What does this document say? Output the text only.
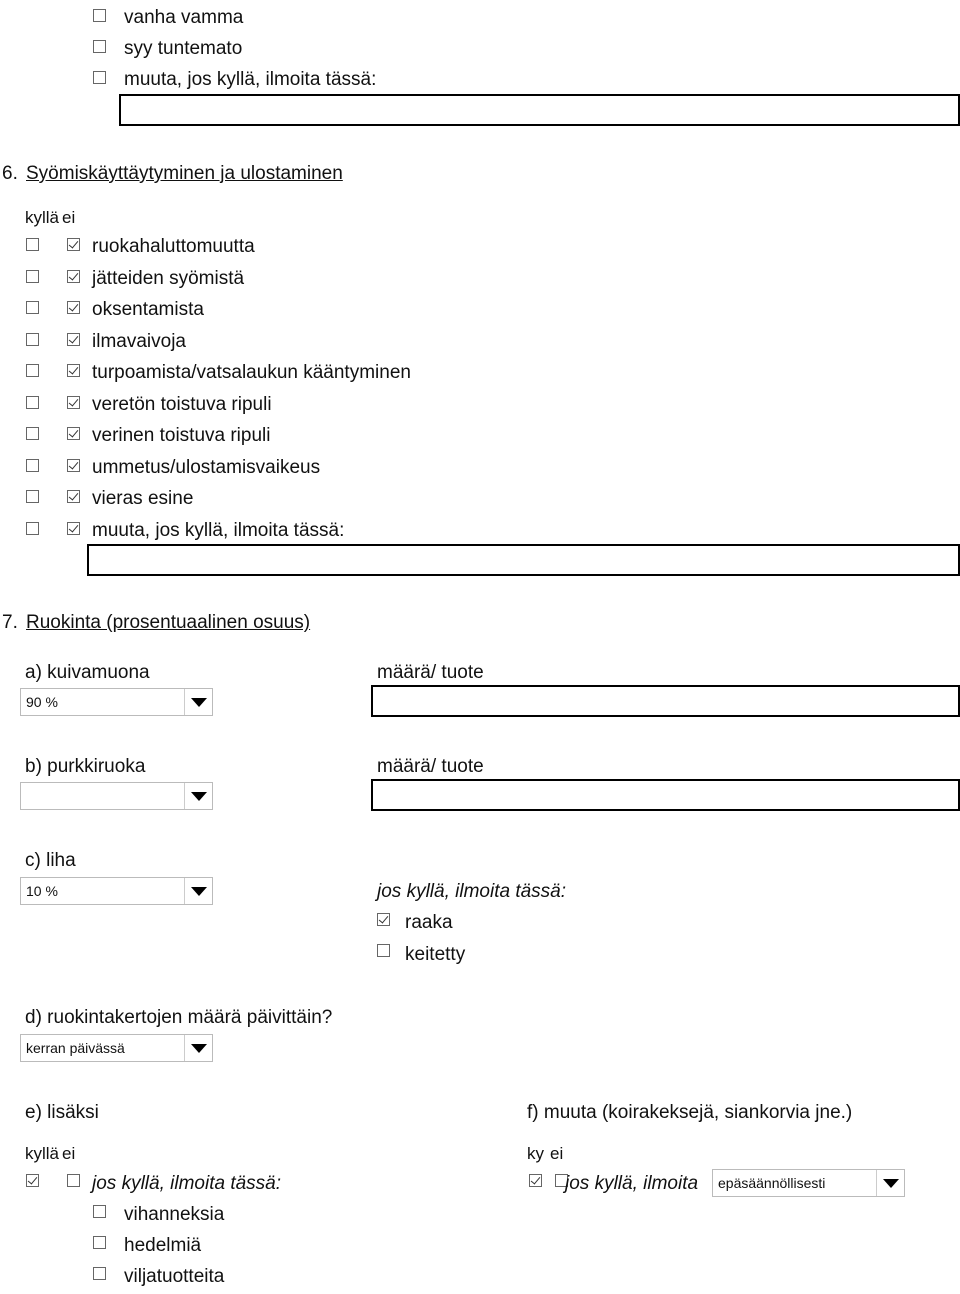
vanha vamma
syy tuntemato
muuta, jos kyllä, ilmoita tässä:
6. Syömiskäyttäytyminen ja ulostaminen
kyllä ei
ruokahaluttomuutta
jätteiden syömistä
oksentamista
ilmavaivoja
turpoamista/vatsalaukun kääntyminen
veretön toistuva ripuli
verinen toistuva ripuli
ummetus/ulostamisvaikeus
vieras esine
muuta, jos kyllä, ilmoita tässä:
7. Ruokinta (prosentuaalinen osuus)
a) kuivamuona
90 %
määrä/ tuote
b) purkkiruoka	määrä/ tuote
c) liha
10 %	jos kyllä, ilmoita tässä:
raaka
keitetty
d) ruokintakertojen määrä päivittäin?
kerran päivässä
e) lisäksi	f) muuta (koirakeksejä, siankorvia jne.)
kyllä ei	ky ei
jos kyllä, ilmoita tässä:	jos kyllä, ilmoita epäsäännöllisesti
vihanneksia
hedelmiä
viljatuotteita
